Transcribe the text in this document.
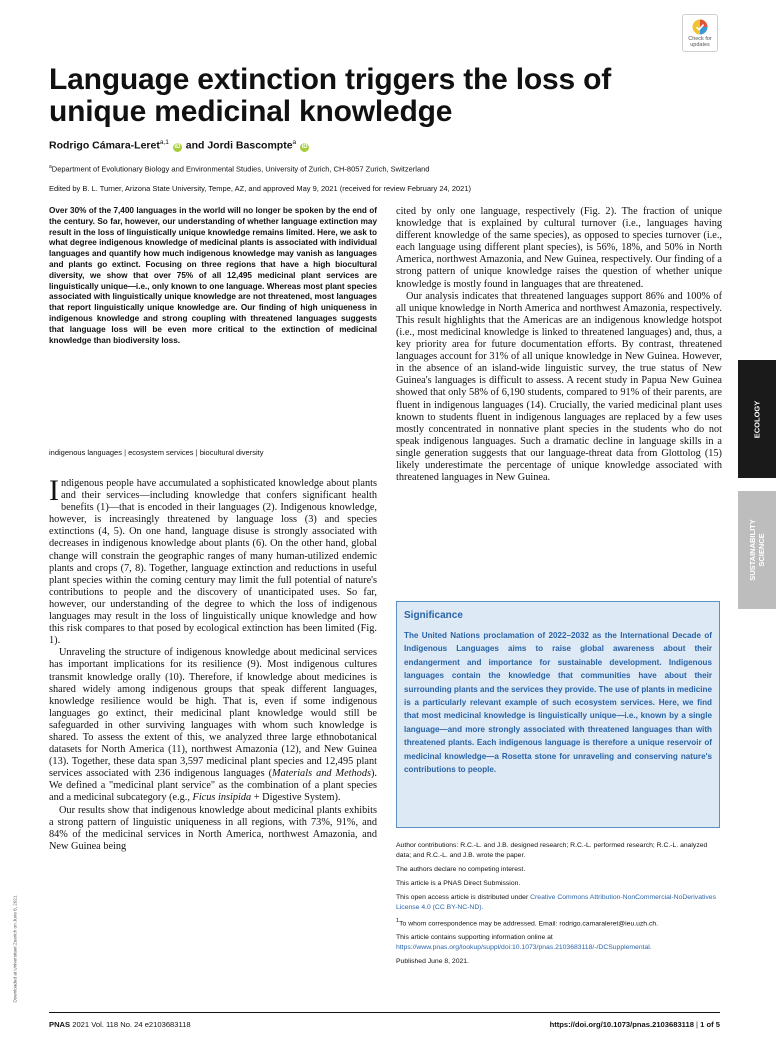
Check for
updates
Language extinction triggers the loss of unique medicinal knowledge
Rodrigo Cámara-Leret$^{a,1}$ iD and Jordi Bascompte$^a$ iD
$^a$Department of Evolutionary Biology and Environmental Studies, University of Zurich, CH-8057 Zurich, Switzerland
Edited by B. L. Turner, Arizona State University, Tempe, AZ, and approved May 9, 2021 (received for review February 24, 2021)

Over 30% of the 7,400 languages in the world will no longer be spoken by the end of the century. So far, however, our understanding of whether language extinction may result in the loss of linguistically unique knowledge remains limited. Here, we ask to what degree indigenous knowledge of medicinal plants is associated with individual languages and quantify how much indigenous knowledge may vanish as languages and plants go extinct. Focusing on three regions that have a high biocultural diversity, we show that over 75% of all 12,495 medicinal plant services are linguistically unique—i.e., only known to one language. Whereas most plant species associated with linguistically unique knowledge are not threatened, most languages that report linguistically unique knowledge are. Our finding of high uniqueness in indigenous knowledge and strong coupling with threatened languages suggests that language loss will be even more critical to the extinction of medicinal knowledge than biodiversity loss.

indigenous languages | ecosystem services | biocultural diversity

Indigenous people have accumulated a sophisticated knowledge about plants and their services—including knowledge that confers significant health benefits (1)—that is encoded in their languages (2). Indigenous knowledge, however, is increasingly threatened by language loss (3) and species extinctions (4, 5). On one hand, language disuse is strongly associated with decreases in indigenous knowledge about plants (6). On the other hand, global change will constrain the geographic ranges of many human-utilized endemic plants and crops (7, 8). Together, language extinction and reductions in useful plant species within the coming century may limit the full potential of nature's contributions to people and the discovery of unanticipated uses. So far, however, our understanding of the degree to which the loss of indigenous languages may result in the loss of linguistically unique knowledge and how this risk compares to that posed by ecological extinction has been limited (Fig. 1).

Unraveling the structure of indigenous knowledge about medicinal services has important implications for its resilience (9). Most indigenous cultures transmit knowledge orally (10). Therefore, if knowledge about medicines is shared widely among indigenous groups that speak different languages, knowledge resilience would be high. That is, even if some indigenous languages go extinct, their medicinal plant knowledge would still be safeguarded in other surviving languages with whom such knowledge is shared. To assess the extent of this, we analyzed three large ethnobotanical datasets for North America (11), northwest Amazonia (12), and New Guinea (13). Together, these data span 3,597 medicinal plant species and 12,495 plant services associated with 236 indigenous languages (Materials and Methods). We defined a "medicinal plant service" as the combination of a plant species and a medicinal subcategory (e.g., Ficus insipida + Digestive System).

Our results show that indigenous knowledge about medicinal plants exhibits a strong pattern of linguistic uniqueness in all regions, with 73%, 91%, and 84% of the medicinal services in North America, northwest Amazonia, and New Guinea being

cited by only one language, respectively (Fig. 2). The fraction of unique knowledge that is explained by cultural turnover (i.e., languages having different knowledge of the same species), as opposed to species turnover (i.e., each language using different plant species), is 56%, 18%, and 50% in North America, northwest Amazonia, and New Guinea, respectively. Our finding of a strong pattern of unique knowledge raises the question of whether unique knowledge is mostly found in languages that are threatened.

Our analysis indicates that threatened languages support 86% and 100% of all unique knowledge in North America and northwest Amazonia, respectively. This result highlights that the Americas are an indigenous knowledge hotspot (i.e., most medicinal knowledge is linked to threatened languages) and, thus, a key priority area for future documentation efforts. By contrast, threatened languages account for 31% of all unique knowledge in New Guinea. However, in the absence of an island-wide linguistic survey, the true status of New Guinea's languages is difficult to assess. A recent study in Papua New Guinea showed that only 58% of 6,190 students, compared to 91% of their parents, are fluent in indigenous languages (14). Crucially, the varied medicinal plant uses known to students fluent in indigenous languages are replaced by a few uses mostly concentrated in nonnative plant species in the students who do not speak indigenous languages. Such a dramatic decline in language skills in a single generation suggests that our language-threat data from Glottolog (15) likely underestimate the percentage of unique knowledge associated with threatened languages in New Guinea.

Significance

The United Nations proclamation of 2022–2032 as the International Decade of Indigenous Languages aims to raise global awareness about their endangerment and importance for sustainable development. Indigenous languages contain the knowledge that communities have about their surrounding plants and the services they provide. The use of plants in medicine is a particularly relevant example of such ecosystem services. Here, we find that most medicinal knowledge is linguistically unique—i.e., known by a single language—and more strongly associated with threatened languages than with threatened plants. Each indigenous language is therefore a unique reservoir of medicinal knowledge—a Rosetta stone for unraveling and conserving nature's contributions to people.

Author contributions: R.C.-L. and J.B. designed research; R.C.-L. performed research; R.C.-L. analyzed data; and R.C.-L. and J.B. wrote the paper.

The authors declare no competing interest.

This article is a PNAS Direct Submission.

This open access article is distributed under Creative Commons Attribution-NonCommercial-NoDerivatives License 4.0 (CC BY-NC-ND).

$^1$To whom correspondence may be addressed. Email: rodrigo.camaraleret@ieu.uzh.ch.

This article contains supporting information online at https://www.pnas.org/lookup/suppl/doi:10.1073/pnas.2103683118/-/DCSupplemental.

Published June 8, 2021.

ECOLOGY
SUSTAINABILITY
SCIENCE
Downloaded at Universitaet Zuerich on June 8, 2021
PNAS 2021 Vol. 118 No. 24 e2103683118	https://doi.org/10.1073/pnas.2103683118 | 1 of 5
